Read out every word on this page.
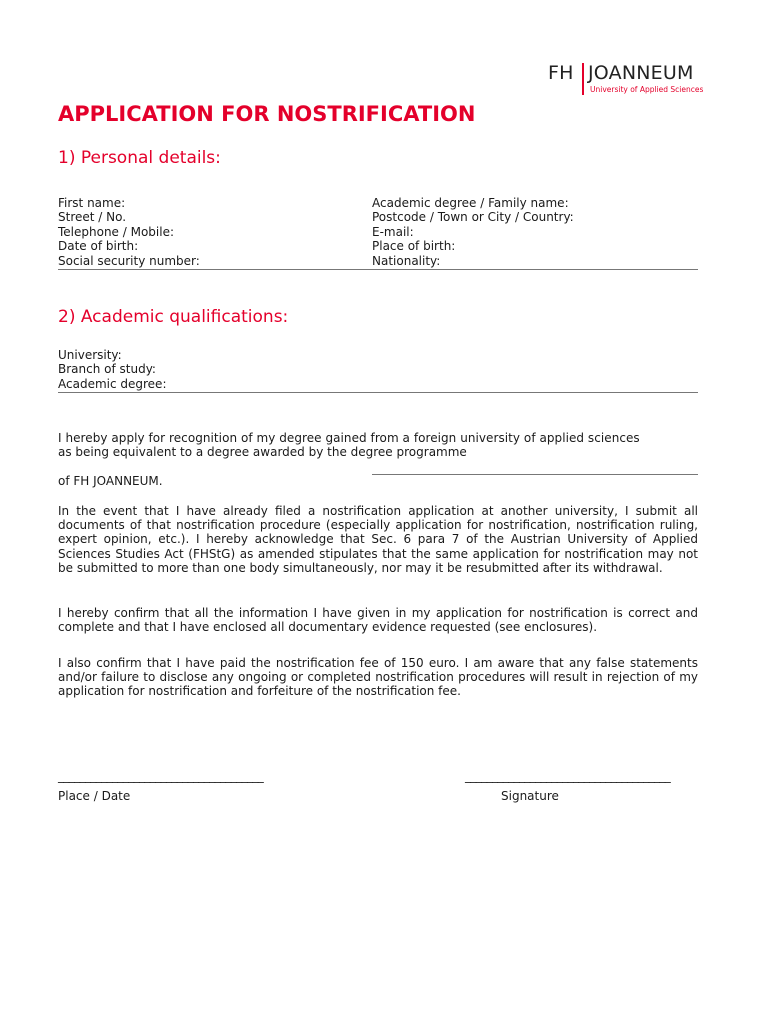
FH JOANNEUM
University of Applied Sciences
APPLICATION FOR NOSTRIFICATION
1) Personal details:
First name:
Street / No.
Telephone / Mobile:
Date of birth:
Social security number:
Academic degree / Family name:
Postcode / Town or City / Country:
E-mail:
Place of birth:
Nationality:
2) Academic qualifications:
University:
Branch of study:
Academic degree:
I hereby apply for recognition of my degree gained from a foreign university of applied sciences
as being equivalent to a degree awarded by the degree programme
of FH JOANNEUM.
In the event that I have already filed a nostrification application at another university, I submit all documents of that nostrification procedure (especially application for nostrification, nostrification ruling, expert opinion, etc.). I hereby acknowledge that Sec. 6 para 7 of the Austrian University of Applied Sciences Studies Act (FHStG) as amended stipulates that the same application for nostrification may not be submitted to more than one body simultaneously, nor may it be resubmitted after its withdrawal.
I hereby confirm that all the information I have given in my application for nostrification is correct and complete and that I have enclosed all documentary evidence requested (see enclosures).
I also confirm that I have paid the nostrification fee of 150 euro. I am aware that any false statements and/or failure to disclose any ongoing or completed nostrification procedures will result in rejection of my application for nostrification and forfeiture of the nostrification fee.
______________________________________	______________________________________
Place / Date	Signature
